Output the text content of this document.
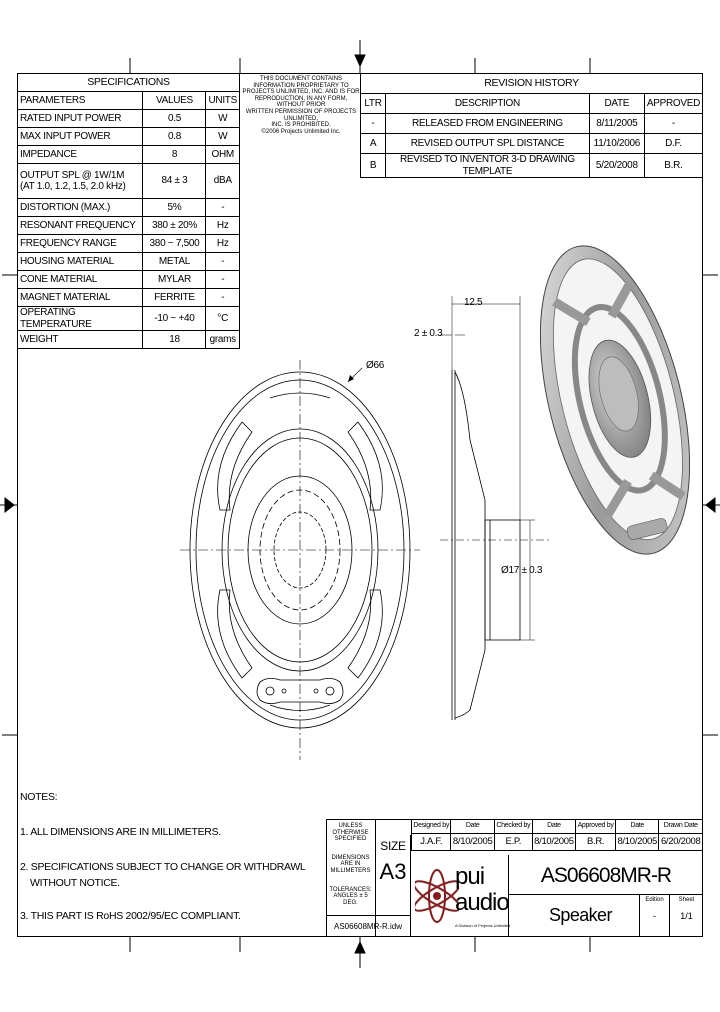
SPECIFICATIONS		
PARAMETERS	VALUES	UNITS
RATED INPUT POWER	0.5	W
MAX INPUT POWER	0.8	W
IMPEDANCE	8	OHM

OUTPUT SPL @ 1W/1M
(AT 1.0, 1.2, 1.5, 2.0 kHz)	84 ± 3	dBA
DISTORTION (MAX.)	5%	-
RESONANT FREQUENCY	380 ± 20%	Hz
FREQUENCY RANGE	380 ~ 7,500	Hz
HOUSING MATERIAL	METAL	-
CONE MATERIAL	MYLAR	-
MAGNET MATERIAL	FERRITE	-
OPERATING TEMPERATURE	-10 ~ +40	°C
WEIGHT	18	grams
THIS DOCUMENT CONTAINS INFORMATION PROPRIETARY TO
PROJECTS UNLIMITED, INC. AND IS FOR
REPRODUCTION, IN ANY FORM, WITHOUT PRIOR
WRITTEN PERMISSION OF PROJECTS UNLIMITED,
INC. IS PROHIBITED.
©2006 Projects Unlimited Inc.
REVISION HISTORY			
LTR	DESCRIPTION	DATE	APPROVED
-	RELEASED FROM ENGINEERING	8/11/2005	-
A	REVISED OUTPUT SPL DISTANCE	11/10/2006	D.F.
B	REVISED TO INVENTOR 3-D DRAWING TEMPLATE	5/20/2008	B.R.
Ø66
12.5
2 ± 0.3
Ø17 ± 0.3
NOTES:
1. ALL DIMENSIONS ARE IN MILLIMETERS.
2. SPECIFICATIONS SUBJECT TO CHANGE OR WITHDRAWL
WITHOUT NOTICE.
3. THIS PART IS RoHS 2002/95/EC COMPLIANT.
UNLESS OTHERWISE SPECIFIED
DIMENSIONS ARE IN MILLIMETERS
TOLERANCES: ANGLES ± 5 DEG.
AS06608MR-R.idw
SIZE
A3
Designed by	Date	Checked by	Date	Approved by	Date	Drawn Date
J.A.F.	8/10/2005	E.P.	8/10/2005	B.R.	8/10/2005	6/20/2008
pui
audio
A Division of Projects Unlimited
AS06608MR-R
Speaker
Edition
-
Sheet
1/1
